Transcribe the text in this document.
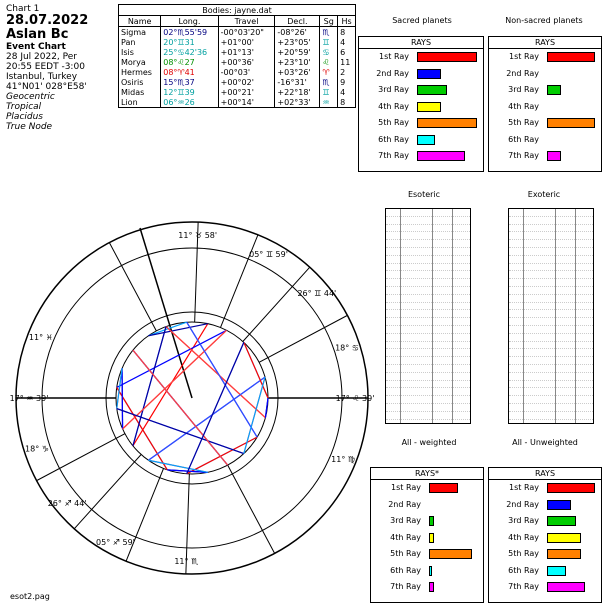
Chart 1
28.07.2022 Aslan Bc
Event Chart
28 Jul 2022, Per
20:55 EEDT -3:00
Istanbul, Turkey
41°N01' 028°E58'
Geocentric
Tropical
Placidus
True Node
Bodies: jayne.dat					
Name	Long.	Travel	Decl.	Sg	Hs
Sigma	02°♏55'59	-00°03'20"	-08°26'	♏	8
Pan	20°♊31	+01°00'	+23°05'	♊	4
Isis	25°♋42'36	+01°13'	+20°59'	♋	6
Morya	08°♌27	+00°36'	+23°10'	♌	11
Hermes	08°♈41	-00°03'	+03°26'	♈	2
Osiris	15°♏37	+00°02'	-16°31'	♏	9
Midas	12°♊39	+00°21'	+22°18'	♊	4
Lion	06°♒26	+00°14'	+02°33'	♒	8
Sacred planets	Non-sacred planets
RAYS
1st Ray
2nd Ray
3rd Ray
4th Ray
5th Ray
6th Ray
7th Ray
RAYS
1st Ray
2nd Ray
3rd Ray
4th Ray
5th Ray
6th Ray
7th Ray
RAYS*
1st Ray
2nd Ray
3rd Ray
4th Ray
5th Ray
6th Ray
7th Ray
RAYS
1st Ray
2nd Ray
3rd Ray
4th Ray
5th Ray
6th Ray
7th Ray
Esoteric	Exoteric
All - weighted	All - Unweighted
11° ♉ 58'
05° ♊ 59'
26° ♊ 44'
18° ♋
17° ♌ 39'
11° ♍
11° ♏
05° ♐ 59'
26° ♐ 44'
18° ♑
17° ♒ 39'
11° ♓
esot2.pag
